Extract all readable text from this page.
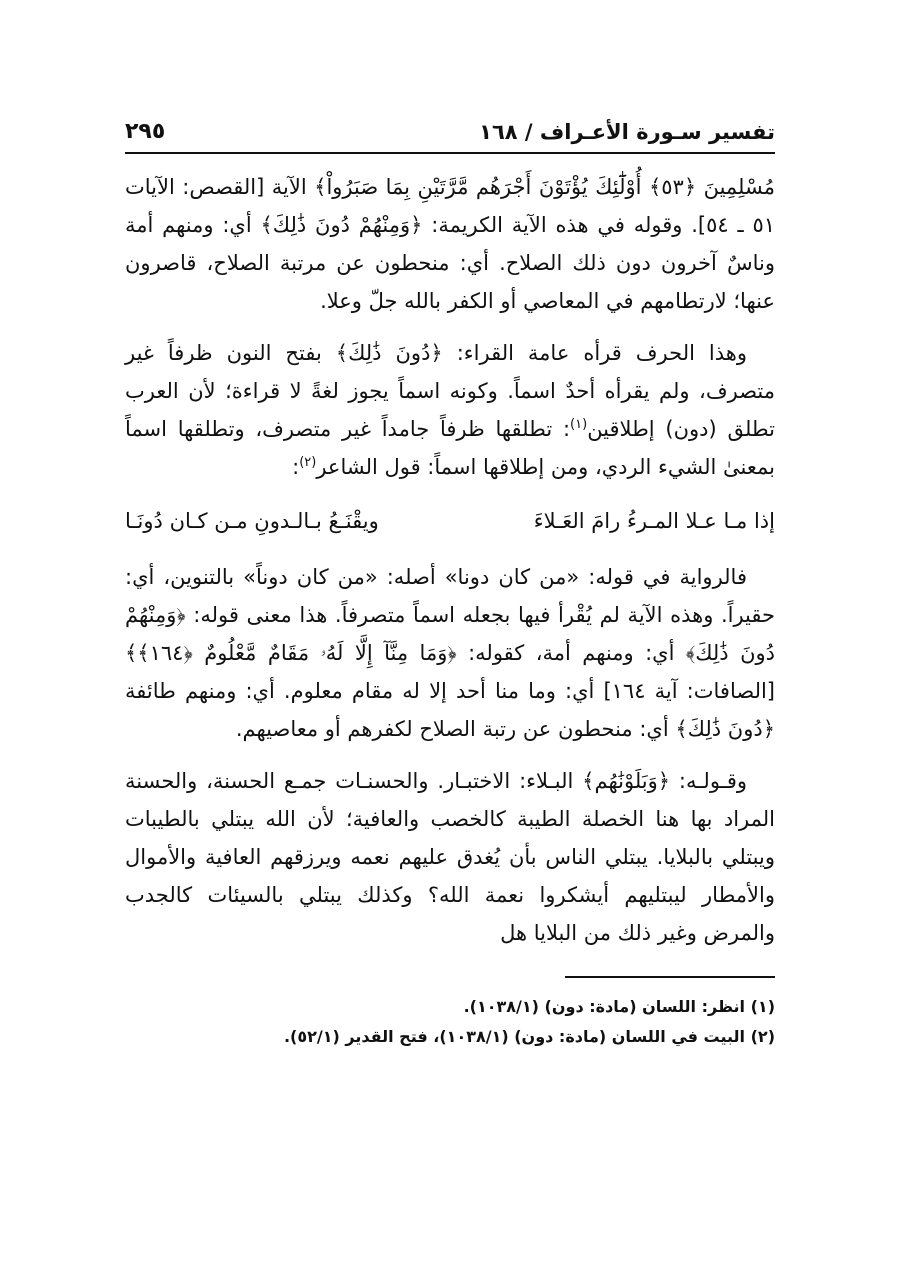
تفسير سـورة الأعـراف / ١٦٨
٢٩٥

مُسْلِمِينَ ﴿٥٣﴾ أُوْلَٰٓئِكَ يُؤْتَوْنَ أَجْرَهُم مَّرَّتَيْنِ بِمَا صَبَرُواْ﴾ الآية [القصص: الآيات ٥١ ـ ٥٤]. وقوله في هذه الآية الكريمة: ﴿وَمِنْهُمْ دُونَ ذَٰلِكَ﴾ أي: ومنهم أمة وناسٌ آخرون دون ذلك الصلاح. أي: منحطون عن مرتبة الصلاح، قاصرون عنها؛ لارتطامهم في المعاصي أو الكفر بالله جلّ وعلا.

وهذا الحرف قرأه عامة القراء: ﴿دُونَ ذَٰلِكَ﴾ بفتح النون ظرفاً غير متصرف، ولم يقرأه أحدٌ اسماً. وكونه اسماً يجوز لغةً لا قراءة؛ لأن العرب تطلق (دون) إطلاقين$^{(١)}$: تطلقها ظرفاً جامداً غير متصرف، وتطلقها اسماً بمعنىٰ الشيء الردي، ومن إطلاقها اسماً: قول الشاعر$^{(٢)}$:

إذا مـا عـلا المـرءُ رامَ العَـلاءَ
ويقْنَـعُ بـالـدونِ مـن كـان دُونَـا

فالرواية في قوله: «من كان دونا» أصله: «من كان دوناً» بالتنوين، أي: حقيراً. وهذه الآية لم يُقْرأ فيها بجعله اسماً متصرفاً. هذا معنى قوله: ﴿وَمِنْهُمْ دُونَ ذَٰلِكَ﴾ أي: ومنهم أمة، كقوله: ﴿وَمَا مِنَّآ إِلَّا لَهُۥ مَقَامٌ مَّعْلُومٌ ﴿١٦٤﴾﴾ [الصافات: آية ١٦٤] أي: وما منا أحد إلا له مقام معلوم. أي: ومنهم طائفة ﴿دُونَ ذَٰلِكَ﴾ أي: منحطون عن رتبة الصلاح لكفرهم أو معاصيهم.

وقـولـه: ﴿وَبَلَوْنَٰهُم﴾ البـلاء: الاختبـار. والحسنـات جمـع الحسنة، والحسنة المراد بها هنا الخصلة الطيبة كالخصب والعافية؛ لأن الله يبتلي بالطيبات ويبتلي بالبلايا. يبتلي الناس بأن يُغدق عليهم نعمه ويرزقهم العافية والأموال والأمطار ليبتليهم أيشكروا نعمة الله؟ وكذلك يبتلي بالسيئات كالجدب والمرض وغير ذلك من البلايا هل

(١) انظر: اللسان (مادة: دون) (١٠٣٨/١).

(٢) البيت في اللسان (مادة: دون) (١٠٣٨/١)، فتح القدير (٥٢/١).
